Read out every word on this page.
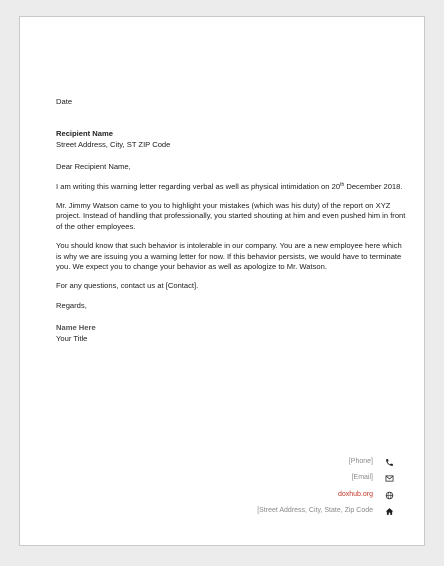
Date

Recipient Name

Street Address, City, ST ZIP Code

Dear Recipient Name,

I am writing this warning letter regarding verbal as well as physical intimidation on 20th December 2018.

Mr. Jimmy Watson came to you to highlight your mistakes (which was his duty) of the report on XYZ project. Instead of handling that professionally, you started shouting at him and even pushed him in front of the other employees.

You should know that such behavior is intolerable in our company. You are a new employee here which is why we are issuing you a warning letter for now. If this behavior persists, we would have to terminate you. We expect you to change your behavior as well as apologize to Mr. Watson.

For any questions, contact us at [Contact].

Regards,

Name Here

Your Title

[Phone]
[Email]
doxhub.org
[Street Address, City, State, Zip Code
